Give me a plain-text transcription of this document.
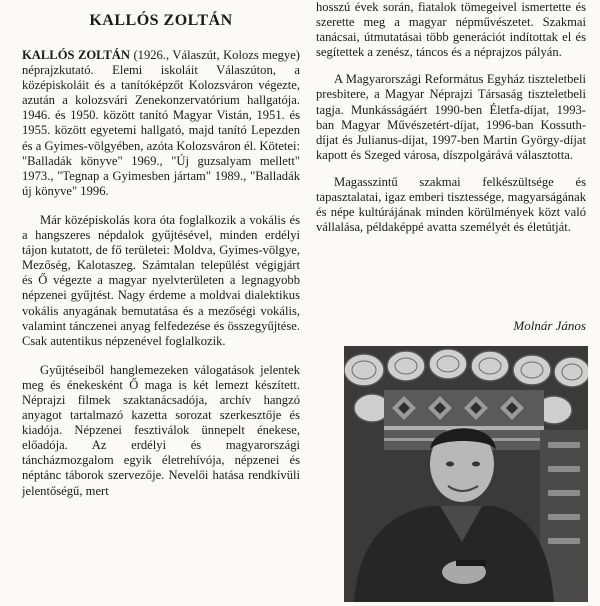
KALLÓS ZOLTÁN

KALLÓS ZOLTÁN (1926., Válaszút, Kolozs megye) néprajzkutató. Elemi iskoláit Válaszúton, a középiskoláit és a tanítóképzőt Kolozsváron végezte, azután a kolozsvári Zenekonzervatórium hallgatója. 1946. és 1950. között tanító Magyar Vistán, 1951. és 1955. között egyetemi hallgató, majd tanító Lepezden és a Gyimes-völgyében, azóta Kolozsváron él. Kötetei: "Balladák könyve" 1969., "Új guzsalyam mellett" 1973., "Tegnap a Gyimesben jártam" 1989., "Balladák új könyve" 1996.

Már középiskolás kora óta foglalkozik a vokális és a hangszeres népdalok gyűjtésével, minden erdélyi tájon kutatott, de fő területei: Moldva, Gyimes-völgye, Mezőség, Kalotaszeg. Számtalan települést végigjárt és Ő végezte a magyar nyelvterületen a legnagyobb népzenei gyűjtést. Nagy érdeme a moldvai dialektikus vokális anyagának bemutatása és a mezőségi vokális, valamint tánczenei anyag felfedezése és összegyűjtése. Csak autentikus népzenével foglalkozik.

Gyűjtéseiből hanglemezeken válogatások jelentek meg és énekesként Ő maga is két lemezt készített. Néprajzi filmek szaktanácsadója, archív hangzó anyagot tartalmazó kazetta sorozat szerkesztője és kiadója. Népzenei fesztiválok ünnepelt énekese, előadója. Az erdélyi és magyarországi táncházmozgalom egyik életrehívója, népzenei és néptánc táborok szervezője. Nevelői hatása rendkívüli jelentőségű, mert

hosszú évek során, fiatalok tömegeivel ismertette és szerette meg a magyar népművészetet. Szakmai tanácsai, útmutatásai több generációt indítottak el és segítettek a zenész, táncos és a néprajzos pályán.

A Magyarországi Református Egyház tiszteletbeli presbitere, a Magyar Néprajzi Társaság tiszteletbeli tagja. Munkásságáért 1990-ben Életfa-díjat, 1993-ban Magyar Művészetért-díjat, 1996-ban Kossuth-díjat és Julianus-díjat, 1997-ben Martin György-díjat kapott és Szeged városa, díszpolgárává választotta.

Magasszintű szakmai felkészültsége és tapasztalatai, igaz emberi tisztessége, magyarságának és népe kultúrájának minden körülmények közt való vállalása, példaképpé avatta személyét és életútját.

Molnár János
